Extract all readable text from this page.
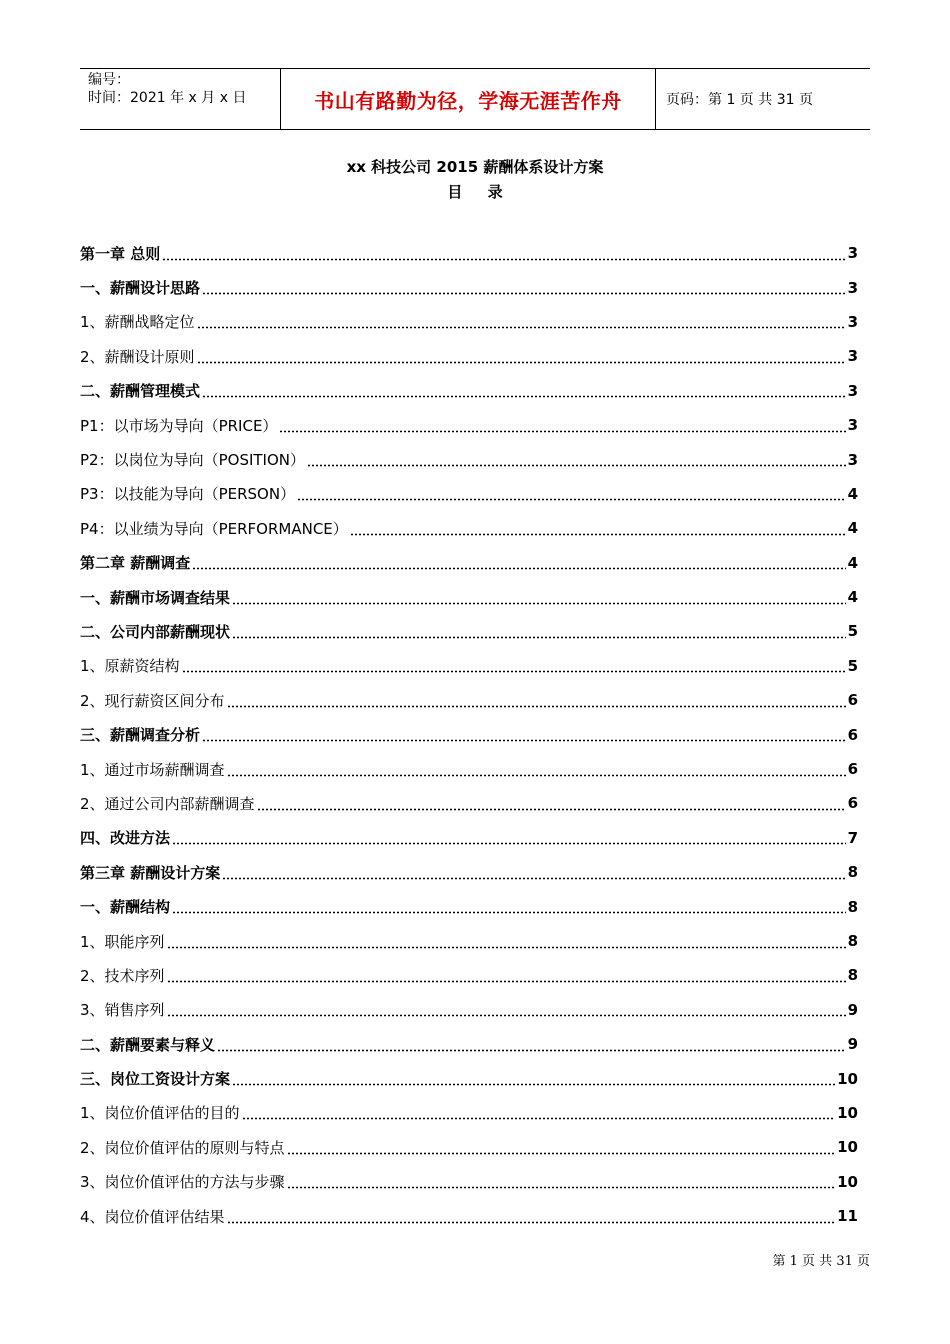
编号：
时间：2021 年 x 月 x 日	书山有路勤为径，学海无涯苦作舟	页码：第 1 页 共 31 页
xx 科技公司 2015 薪酬体系设计方案
目 录
第一章 总则	3
一、薪酬设计思路	3
1、薪酬战略定位	3
2、薪酬设计原则	3
二、薪酬管理模式	3
P1：以市场为导向（PRICE）	3
P2：以岗位为导向（POSITION）	3
P3：以技能为导向（PERSON）	4
P4：以业绩为导向（PERFORMANCE）	4
第二章 薪酬调查	4
一、薪酬市场调查结果	4
二、公司内部薪酬现状	5
1、原薪资结构	5
2、现行薪资区间分布	6
三、薪酬调查分析	6
1、通过市场薪酬调查	6
2、通过公司内部薪酬调查	6
四、改进方法	7
第三章 薪酬设计方案	8
一、薪酬结构	8
1、职能序列	8
2、技术序列	8
3、销售序列	9
二、薪酬要素与释义	9
三、岗位工资设计方案	10
1、岗位价值评估的目的	10
2、岗位价值评估的原则与特点	10
3、岗位价值评估的方法与步骤	10
4、岗位价值评估结果	11
第 1 页 共 31 页
